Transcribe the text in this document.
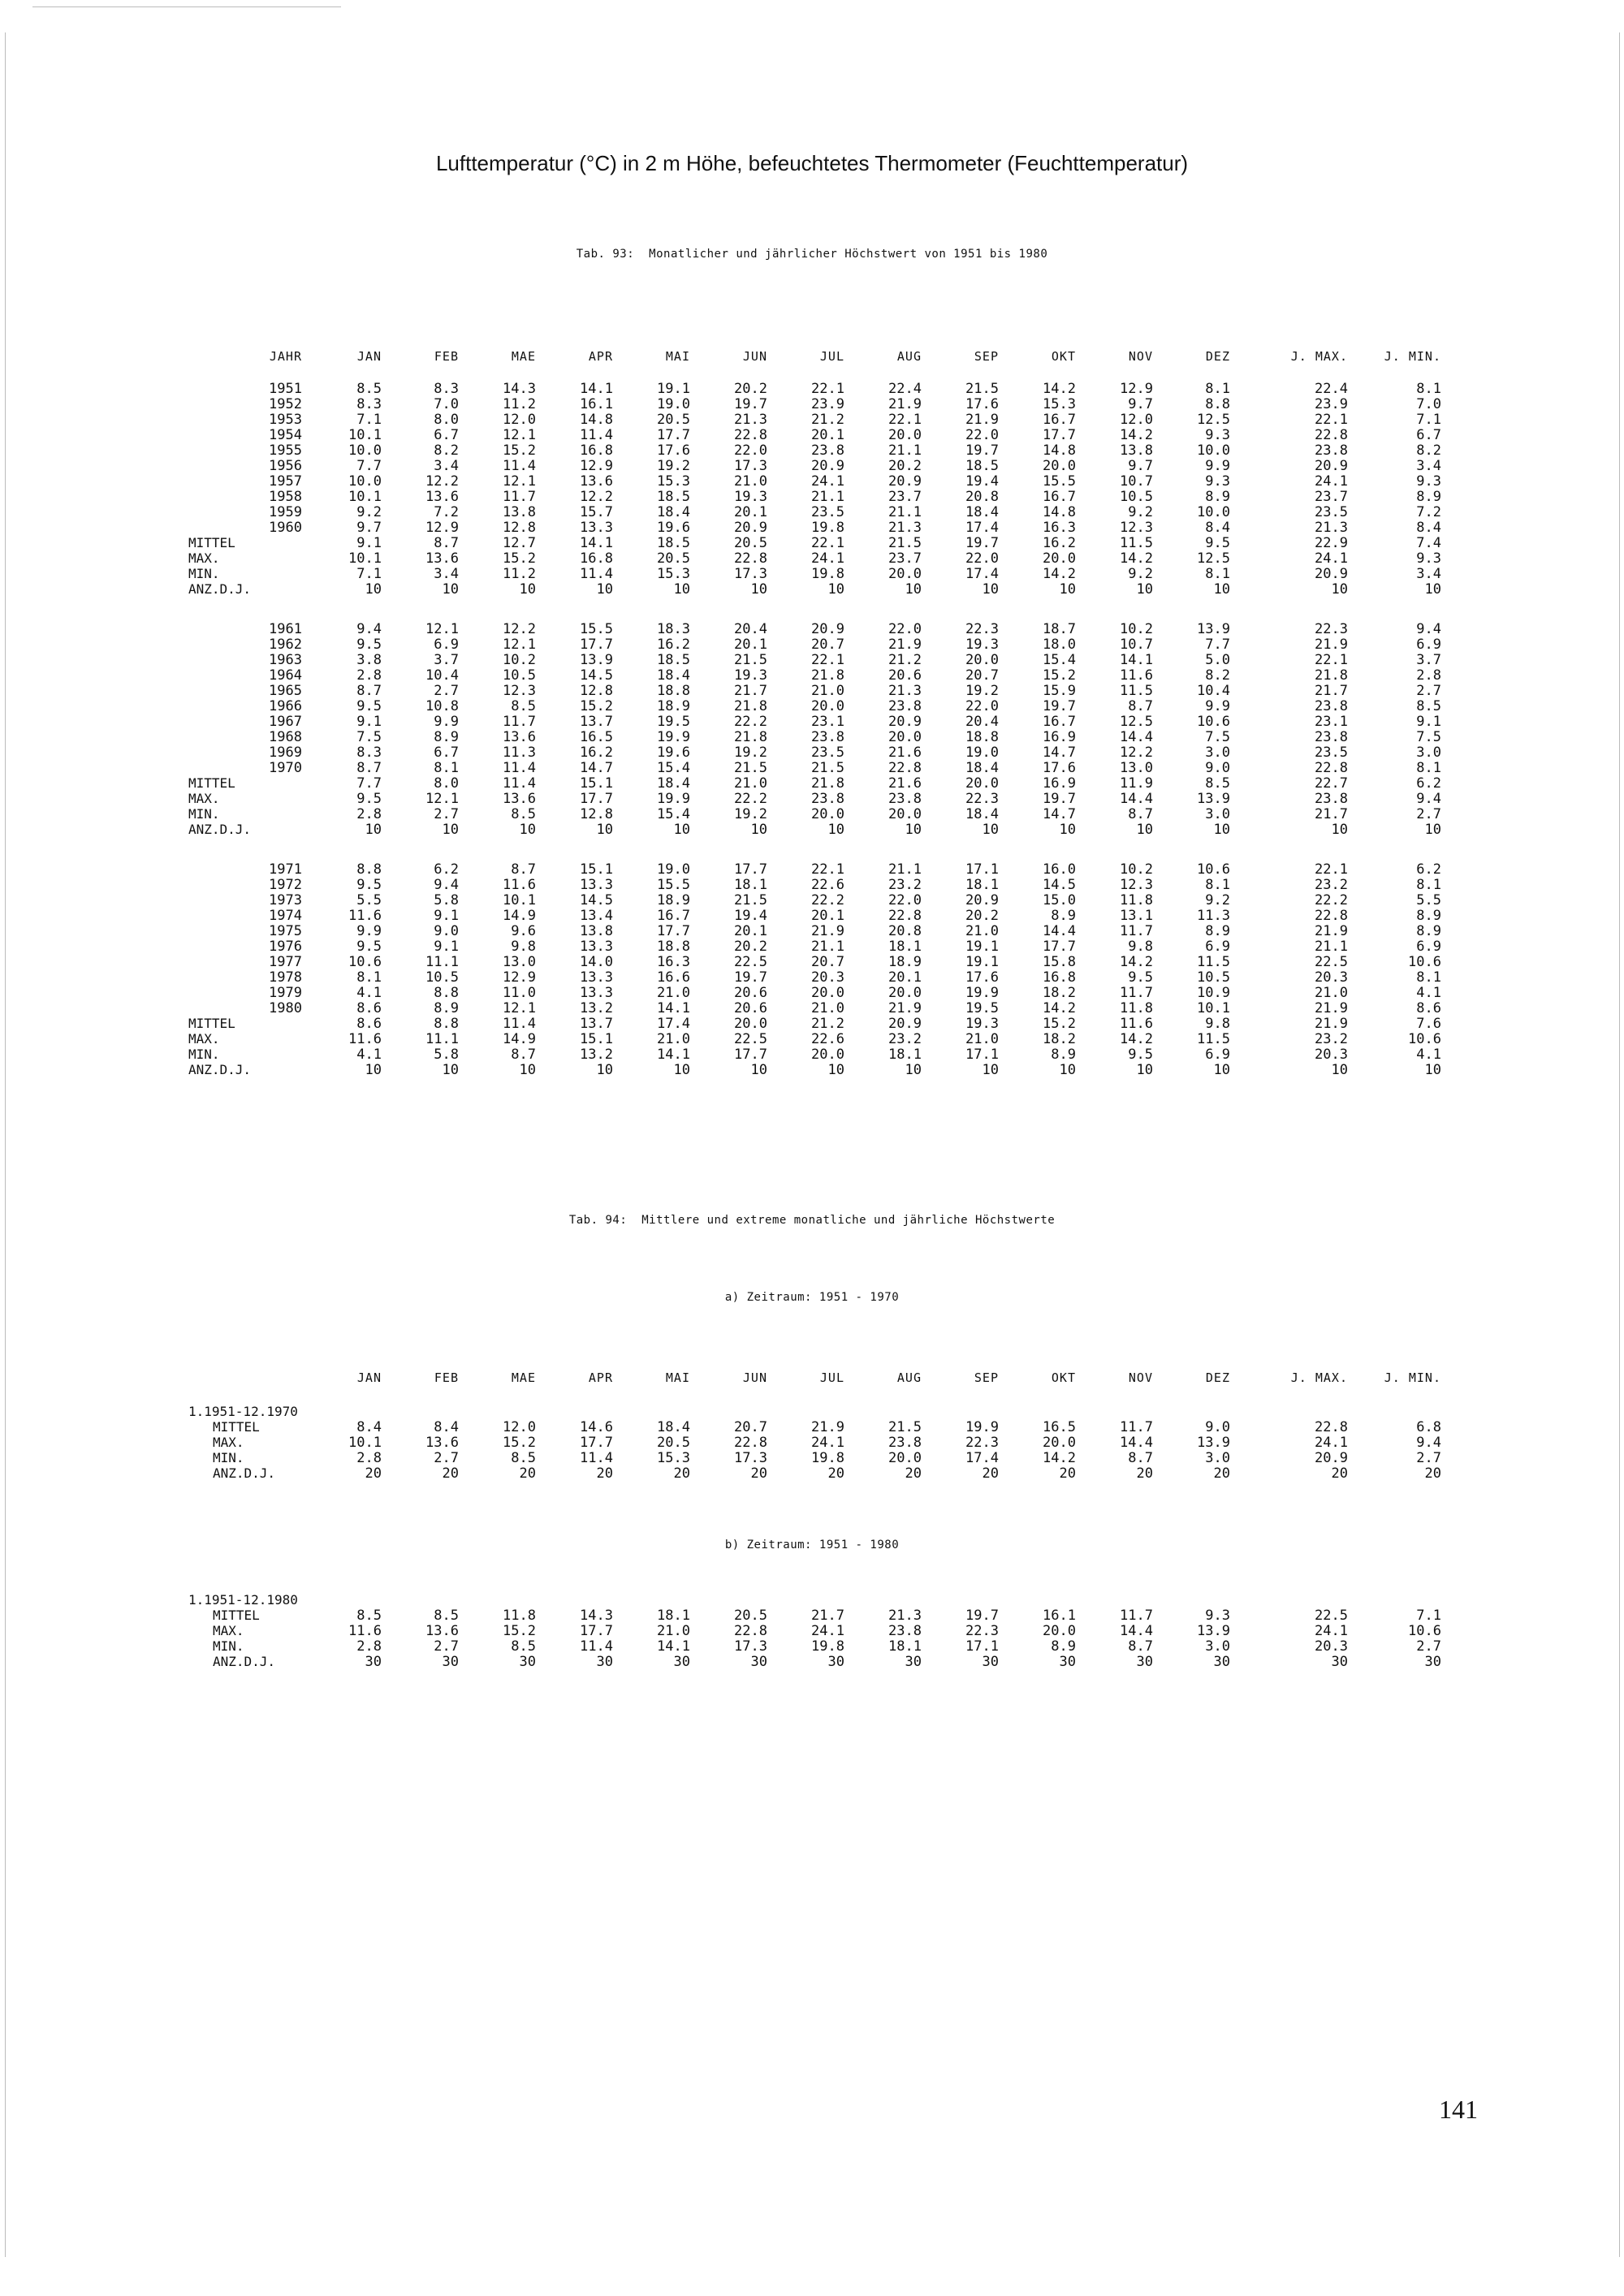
Lufttemperatur (°C) in 2 m Höhe, befeuchtetes Thermometer (Feuchttemperatur)
Tab. 93: Monatlicher und jährlicher Höchstwert von 1951 bis 1980
JAHR	JAN	FEB	MAE	APR	MAI	JUN	JUL	AUG	SEP	OKT	NOV	DEZ	J. MAX.	J. MIN.
1951	8.5	8.3	14.3	14.1	19.1	20.2	22.1	22.4	21.5	14.2	12.9	8.1	22.4	8.1
1952	8.3	7.0	11.2	16.1	19.0	19.7	23.9	21.9	17.6	15.3	9.7	8.8	23.9	7.0
1953	7.1	8.0	12.0	14.8	20.5	21.3	21.2	22.1	21.9	16.7	12.0	12.5	22.1	7.1
1954	10.1	6.7	12.1	11.4	17.7	22.8	20.1	20.0	22.0	17.7	14.2	9.3	22.8	6.7
1955	10.0	8.2	15.2	16.8	17.6	22.0	23.8	21.1	19.7	14.8	13.8	10.0	23.8	8.2
1956	7.7	3.4	11.4	12.9	19.2	17.3	20.9	20.2	18.5	20.0	9.7	9.9	20.9	3.4
1957	10.0	12.2	12.1	13.6	15.3	21.0	24.1	20.9	19.4	15.5	10.7	9.3	24.1	9.3
1958	10.1	13.6	11.7	12.2	18.5	19.3	21.1	23.7	20.8	16.7	10.5	8.9	23.7	8.9
1959	9.2	7.2	13.8	15.7	18.4	20.1	23.5	21.1	18.4	14.8	9.2	10.0	23.5	7.2
1960	9.7	12.9	12.8	13.3	19.6	20.9	19.8	21.3	17.4	16.3	12.3	8.4	21.3	8.4
MITTEL	9.1	8.7	12.7	14.1	18.5	20.5	22.1	21.5	19.7	16.2	11.5	9.5	22.9	7.4
MAX.	10.1	13.6	15.2	16.8	20.5	22.8	24.1	23.7	22.0	20.0	14.2	12.5	24.1	9.3
MIN.	7.1	3.4	11.2	11.4	15.3	17.3	19.8	20.0	17.4	14.2	9.2	8.1	20.9	3.4
ANZ.D.J.	10	10	10	10	10	10	10	10	10	10	10	10	10	10
1961	9.4	12.1	12.2	15.5	18.3	20.4	20.9	22.0	22.3	18.7	10.2	13.9	22.3	9.4
1962	9.5	6.9	12.1	17.7	16.2	20.1	20.7	21.9	19.3	18.0	10.7	7.7	21.9	6.9
1963	3.8	3.7	10.2	13.9	18.5	21.5	22.1	21.2	20.0	15.4	14.1	5.0	22.1	3.7
1964	2.8	10.4	10.5	14.5	18.4	19.3	21.8	20.6	20.7	15.2	11.6	8.2	21.8	2.8
1965	8.7	2.7	12.3	12.8	18.8	21.7	21.0	21.3	19.2	15.9	11.5	10.4	21.7	2.7
1966	9.5	10.8	8.5	15.2	18.9	21.8	20.0	23.8	22.0	19.7	8.7	9.9	23.8	8.5
1967	9.1	9.9	11.7	13.7	19.5	22.2	23.1	20.9	20.4	16.7	12.5	10.6	23.1	9.1
1968	7.5	8.9	13.6	16.5	19.9	21.8	23.8	20.0	18.8	16.9	14.4	7.5	23.8	7.5
1969	8.3	6.7	11.3	16.2	19.6	19.2	23.5	21.6	19.0	14.7	12.2	3.0	23.5	3.0
1970	8.7	8.1	11.4	14.7	15.4	21.5	21.5	22.8	18.4	17.6	13.0	9.0	22.8	8.1
MITTEL	7.7	8.0	11.4	15.1	18.4	21.0	21.8	21.6	20.0	16.9	11.9	8.5	22.7	6.2
MAX.	9.5	12.1	13.6	17.7	19.9	22.2	23.8	23.8	22.3	19.7	14.4	13.9	23.8	9.4
MIN.	2.8	2.7	8.5	12.8	15.4	19.2	20.0	20.0	18.4	14.7	8.7	3.0	21.7	2.7
ANZ.D.J.	10	10	10	10	10	10	10	10	10	10	10	10	10	10
1971	8.8	6.2	8.7	15.1	19.0	17.7	22.1	21.1	17.1	16.0	10.2	10.6	22.1	6.2
1972	9.5	9.4	11.6	13.3	15.5	18.1	22.6	23.2	18.1	14.5	12.3	8.1	23.2	8.1
1973	5.5	5.8	10.1	14.5	18.9	21.5	22.2	22.0	20.9	15.0	11.8	9.2	22.2	5.5
1974	11.6	9.1	14.9	13.4	16.7	19.4	20.1	22.8	20.2	8.9	13.1	11.3	22.8	8.9
1975	9.9	9.0	9.6	13.8	17.7	20.1	21.9	20.8	21.0	14.4	11.7	8.9	21.9	8.9
1976	9.5	9.1	9.8	13.3	18.8	20.2	21.1	18.1	19.1	17.7	9.8	6.9	21.1	6.9
1977	10.6	11.1	13.0	14.0	16.3	22.5	20.7	18.9	19.1	15.8	14.2	11.5	22.5	10.6
1978	8.1	10.5	12.9	13.3	16.6	19.7	20.3	20.1	17.6	16.8	9.5	10.5	20.3	8.1
1979	4.1	8.8	11.0	13.3	21.0	20.6	20.0	20.0	19.9	18.2	11.7	10.9	21.0	4.1
1980	8.6	8.9	12.1	13.2	14.1	20.6	21.0	21.9	19.5	14.2	11.8	10.1	21.9	8.6
MITTEL	8.6	8.8	11.4	13.7	17.4	20.0	21.2	20.9	19.3	15.2	11.6	9.8	21.9	7.6
MAX.	11.6	11.1	14.9	15.1	21.0	22.5	22.6	23.2	21.0	18.2	14.2	11.5	23.2	10.6
MIN.	4.1	5.8	8.7	13.2	14.1	17.7	20.0	18.1	17.1	8.9	9.5	6.9	20.3	4.1
ANZ.D.J.	10	10	10	10	10	10	10	10	10	10	10	10	10	10
Tab. 94: Mittlere und extreme monatliche und jährliche Höchstwerte
a) Zeitraum: 1951 - 1970
b) Zeitraum: 1951 - 1980
JAN	FEB	MAE	APR	MAI	JUN	JUL	AUG	SEP	OKT	NOV	DEZ	J. MAX.	J. MIN.
1.1951-12.1970
MITTEL	8.4	8.4	12.0	14.6	18.4	20.7	21.9	21.5	19.9	16.5	11.7	9.0	22.8	6.8
MAX.	10.1	13.6	15.2	17.7	20.5	22.8	24.1	23.8	22.3	20.0	14.4	13.9	24.1	9.4
MIN.	2.8	2.7	8.5	11.4	15.3	17.3	19.8	20.0	17.4	14.2	8.7	3.0	20.9	2.7
ANZ.D.J.	20	20	20	20	20	20	20	20	20	20	20	20	20	20
1.1951-12.1980
MITTEL	8.5	8.5	11.8	14.3	18.1	20.5	21.7	21.3	19.7	16.1	11.7	9.3	22.5	7.1
MAX.	11.6	13.6	15.2	17.7	21.0	22.8	24.1	23.8	22.3	20.0	14.4	13.9	24.1	10.6
MIN.	2.8	2.7	8.5	11.4	14.1	17.3	19.8	18.1	17.1	8.9	8.7	3.0	20.3	2.7
ANZ.D.J.	30	30	30	30	30	30	30	30	30	30	30	30	30	30
141
